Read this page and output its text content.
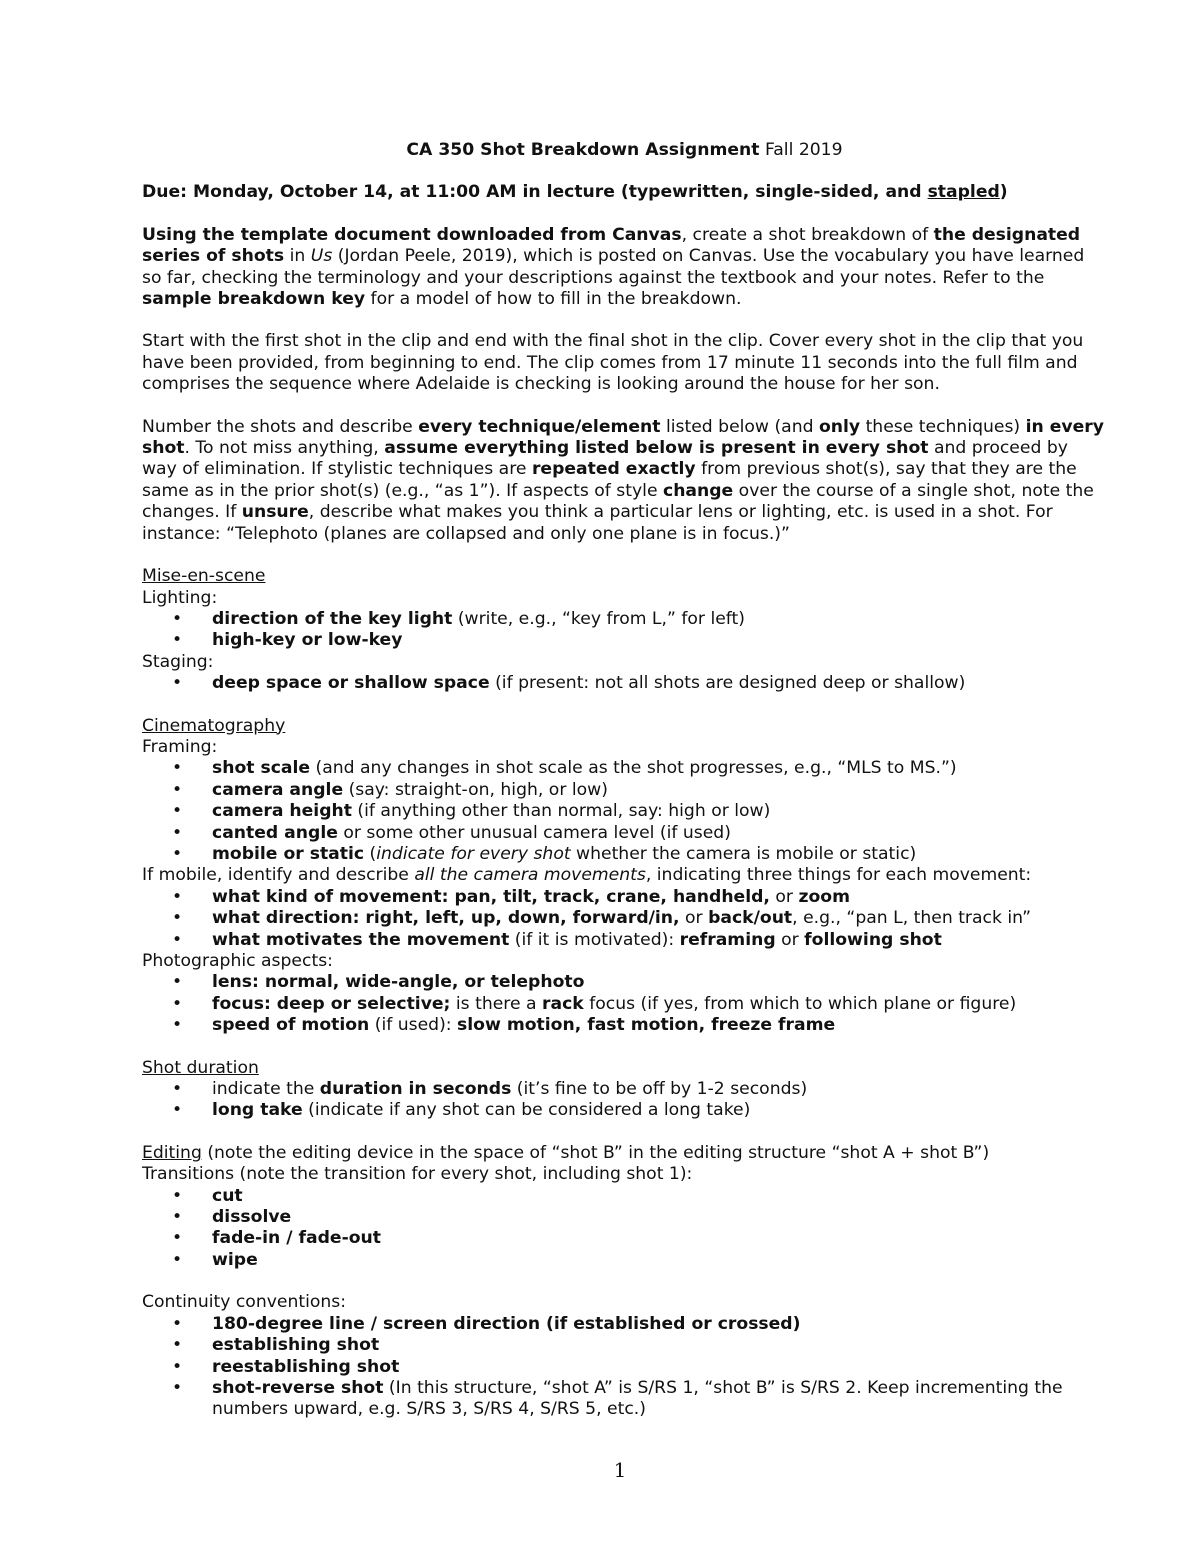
CA 350 Shot Breakdown Assignment Fall 2019

Due: Monday, October 14, at 11:00 AM in lecture (typewritten, single-sided, and stapled)

Using the template document downloaded from Canvas, create a shot breakdown of the designated series of shots in Us (Jordan Peele, 2019), which is posted on Canvas. Use the vocabulary you have learned so far, checking the terminology and your descriptions against the textbook and your notes. Refer to the sample breakdown key for a model of how to fill in the breakdown.

Start with the first shot in the clip and end with the final shot in the clip. Cover every shot in the clip that you have been provided, from beginning to end. The clip comes from 17 minute 11 seconds into the full film and comprises the sequence where Adelaide is checking is looking around the house for her son.

Number the shots and describe every technique/element listed below (and only these techniques) in every shot. To not miss anything, assume everything listed below is present in every shot and proceed by way of elimination. If stylistic techniques are repeated exactly from previous shot(s), say that they are the same as in the prior shot(s) (e.g., “as 1”). If aspects of style change over the course of a single shot, note the changes. If unsure, describe what makes you think a particular lens or lighting, etc. is used in a shot. For instance: “Telephoto (planes are collapsed and only one plane is in focus.)”

Mise-en-scene

Lighting:

• direction of the key light (write, e.g., “key from L,” for left)
• high-key or low-key

Staging:

• deep space or shallow space (if present: not all shots are designed deep or shallow)

Cinematography

Framing:

• shot scale (and any changes in shot scale as the shot progresses, e.g., “MLS to MS.”)
• camera angle (say: straight-on, high, or low)
• camera height (if anything other than normal, say: high or low)
• canted angle or some other unusual camera level (if used)
• mobile or static (indicate for every shot whether the camera is mobile or static)

If mobile, identify and describe all the camera movements, indicating three things for each movement:

• what kind of movement: pan, tilt, track, crane, handheld, or zoom
• what direction: right, left, up, down, forward/in, or back/out, e.g., “pan L, then track in”
• what motivates the movement (if it is motivated): reframing or following shot

Photographic aspects:

• lens: normal, wide-angle, or telephoto
• focus: deep or selective; is there a rack focus (if yes, from which to which plane or figure)
• speed of motion (if used): slow motion, fast motion, freeze frame

Shot duration

• indicate the duration in seconds (it’s fine to be off by 1-2 seconds)
• long take (indicate if any shot can be considered a long take)

Editing (note the editing device in the space of “shot B” in the editing structure “shot A + shot B”)

Transitions (note the transition for every shot, including shot 1):

• cut
• dissolve
• fade-in / fade-out
• wipe

Continuity conventions:

• 180-degree line / screen direction (if established or crossed)
• establishing shot
• reestablishing shot
• shot-reverse shot (In this structure, “shot A” is S/RS 1, “shot B” is S/RS 2. Keep incrementing the numbers upward, e.g. S/RS 3, S/RS 4, S/RS 5, etc.)
1
